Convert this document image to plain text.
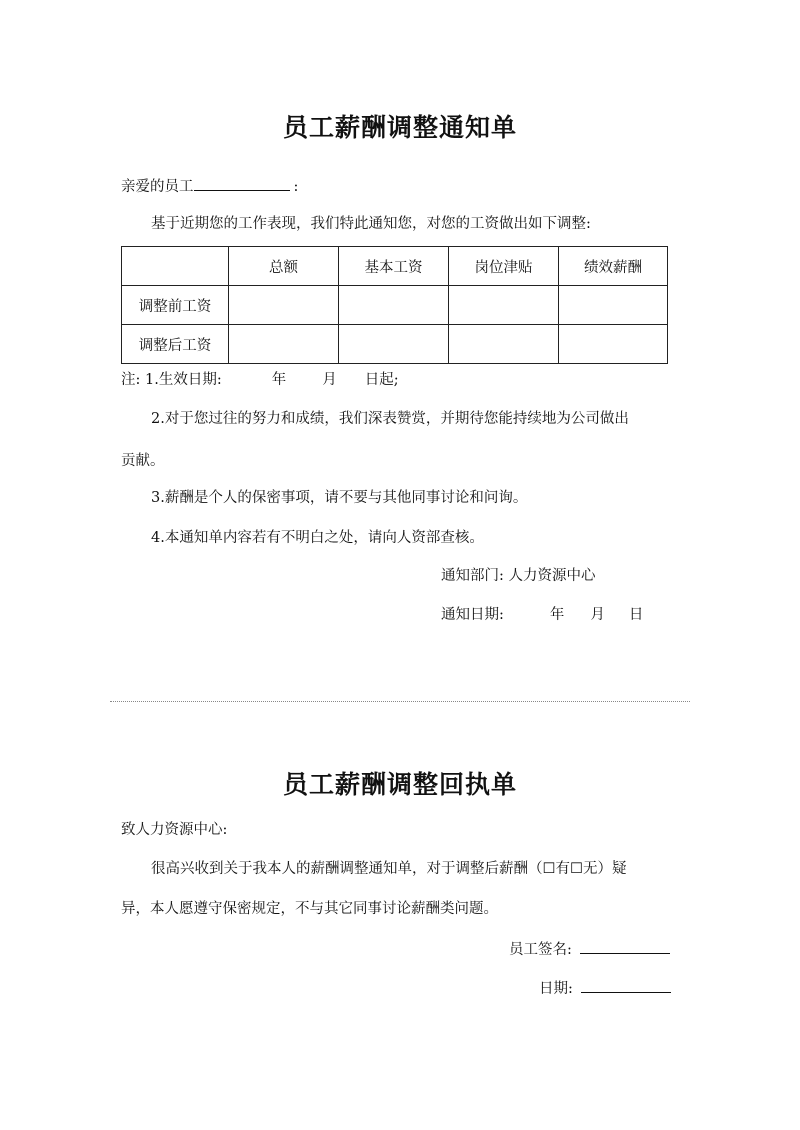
员工薪酬调整通知单
亲爱的员工	:
基于近期您的工作表现，我们特此通知您，对您的工资做出如下调整:
	总额	基本工资	岗位津贴	绩效薪酬
调整前工资				
调整后工资				
注: 1.生效日期:	年 月 日起;
2.对于您过往的努力和成绩，我们深表赞赏，并期待您能持续地为公司做出
贡献。
3.薪酬是个人的保密事项，请不要与其他同事讨论和问询。
4.本通知单内容若有不明白之处，请向人资部查核。
通知部门: 人力资源中心
通知日期:	年 月 日
员工薪酬调整回执单
致人力资源中心:
很高兴收到关于我本人的薪酬调整通知单，对于调整后薪酬（☐有☐无）疑
异，本人愿遵守保密规定，不与其它同事讨论薪酬类问题。
员工签名:
日期:
